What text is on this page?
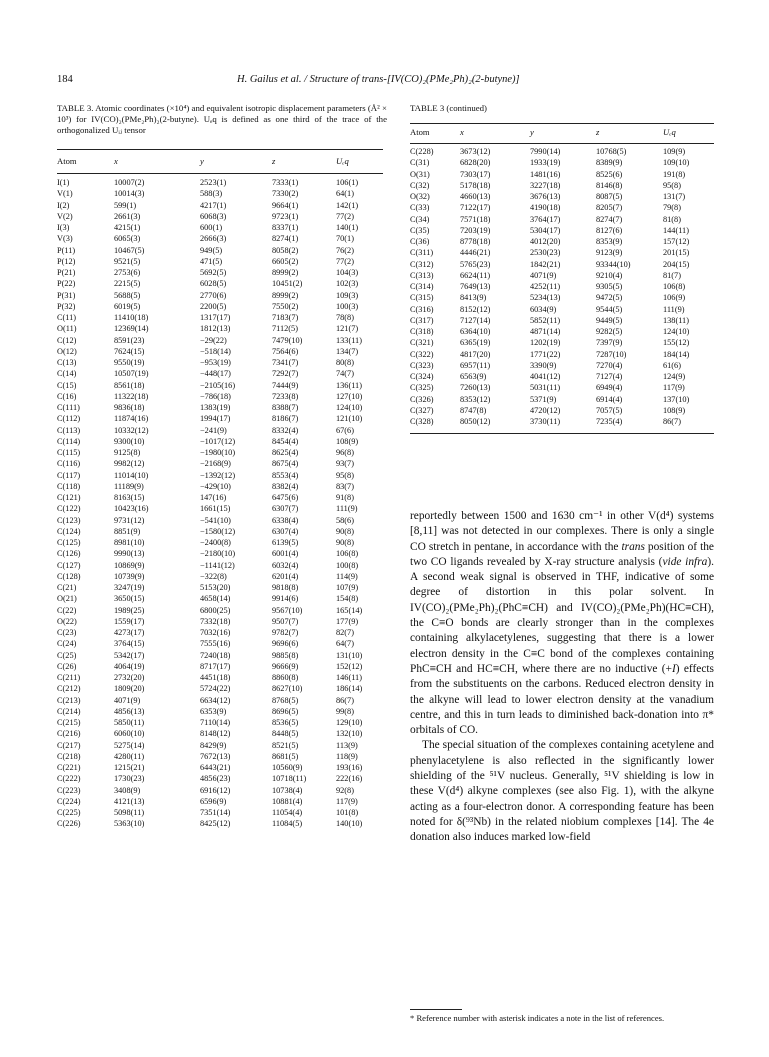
184	H. Gailus et al. / Structure of trans-[IV(CO)₂(PMe₂Ph)₂(2-butyne)]
TABLE 3. Atomic coordinates (×10⁴) and equivalent isotropic displacement parameters (Å² × 10³) for IV(CO)₂(PMe₂Ph)₂(2-butyne). Uₑq is defined as one third of the trace of the orthogonalized Uᵢⱼ tensor
Atom	x	y	z	Uₑq
I(1)	10007(2)	2523(1)	7333(1)	106(1)
V(1)	10014(3)	588(3)	7330(2)	64(1)
I(2)	599(1)	4217(1)	9664(1)	142(1)
V(2)	2661(3)	6068(3)	9723(1)	77(2)
I(3)	4215(1)	600(1)	8337(1)	140(1)
V(3)	6065(3)	2666(3)	8274(1)	70(1)
P(11)	10467(5)	949(5)	8058(2)	76(2)
P(12)	9521(5)	471(5)	6605(2)	77(2)
P(21)	2753(6)	5692(5)	8999(2)	104(3)
P(22)	2215(5)	6028(5)	10451(2)	102(3)
P(31)	5688(5)	2770(6)	8999(2)	109(3)
P(32)	6019(5)	2200(5)	7550(2)	100(3)
C(11)	11410(18)	1317(17)	7183(7)	78(8)
O(11)	12369(14)	1812(13)	7112(5)	121(7)
C(12)	8591(23)	−29(22)	7479(10)	133(11)
O(12)	7624(15)	−518(14)	7564(6)	134(7)
C(13)	9550(19)	−953(19)	7341(7)	80(8)
C(14)	10507(19)	−448(17)	7292(7)	74(7)
C(15)	8561(18)	−2105(16)	7444(9)	136(11)
C(16)	11322(18)	−786(18)	7233(8)	127(10)
C(111)	9836(18)	1383(19)	8388(7)	124(10)
C(112)	11874(16)	1994(17)	8186(7)	121(10)
C(113)	10332(12)	−241(9)	8332(4)	67(6)
C(114)	9300(10)	−1017(12)	8454(4)	108(9)
C(115)	9125(8)	−1980(10)	8625(4)	96(8)
C(116)	9982(12)	−2168(9)	8675(4)	93(7)
C(117)	11014(10)	−1392(12)	8553(4)	95(8)
C(118)	11189(9)	−429(10)	8382(4)	83(7)
C(121)	8163(15)	147(16)	6475(6)	91(8)
C(122)	10423(16)	1661(15)	6307(7)	111(9)
C(123)	9731(12)	−541(10)	6338(4)	58(6)
C(124)	8851(9)	−1580(12)	6307(4)	90(8)
C(125)	8981(10)	−2400(8)	6139(5)	90(8)
C(126)	9990(13)	−2180(10)	6001(4)	106(8)
C(127)	10869(9)	−1141(12)	6032(4)	100(8)
C(128)	10739(9)	−322(8)	6201(4)	114(9)
C(21)	3247(19)	5153(20)	9818(8)	107(9)
O(21)	3650(15)	4658(14)	9914(6)	154(8)
C(22)	1989(25)	6800(25)	9567(10)	165(14)
O(22)	1559(17)	7332(18)	9507(7)	177(9)
C(23)	4273(17)	7032(16)	9782(7)	82(7)
C(24)	3764(15)	7555(16)	9696(6)	64(7)
C(25)	5342(17)	7240(18)	9885(8)	131(10)
C(26)	4064(19)	8717(17)	9666(9)	152(12)
C(211)	2732(20)	4451(18)	8860(8)	146(11)
C(212)	1809(20)	5724(22)	8627(10)	186(14)
C(213)	4071(9)	6634(12)	8768(5)	86(7)
C(214)	4856(13)	6353(9)	8696(5)	99(8)
C(215)	5850(11)	7110(14)	8536(5)	129(10)
C(216)	6060(10)	8148(12)	8448(5)	132(10)
C(217)	5275(14)	8429(9)	8521(5)	113(9)
C(218)	4280(11)	7672(13)	8681(5)	118(9)
C(221)	1215(21)	6443(21)	10560(9)	193(16)
C(222)	1730(23)	4856(23)	10718(11)	222(16)
C(223)	3408(9)	6916(12)	10738(4)	92(8)
C(224)	4121(13)	6596(9)	10881(4)	117(9)
C(225)	5098(11)	7351(14)	11054(4)	101(8)
C(226)	5363(10)	8425(12)	11084(5)	140(10)
TABLE 3 (continued)
Atom	x	y	z	Uₑq
C(228)	3673(12)	7990(14)	10768(5)	109(9)
C(31)	6828(20)	1933(19)	8389(9)	109(10)
O(31)	7303(17)	1481(16)	8525(6)	191(8)
C(32)	5178(18)	3227(18)	8146(8)	95(8)
O(32)	4660(13)	3676(13)	8087(5)	131(7)
C(33)	7122(17)	4190(18)	8205(7)	79(8)
C(34)	7571(18)	3764(17)	8274(7)	81(8)
C(35)	7203(19)	5304(17)	8127(6)	144(11)
C(36)	8778(18)	4012(20)	8353(9)	157(12)
C(311)	4446(21)	2530(23)	9123(9)	201(15)
C(312)	5765(23)	1842(21)	93344(10)	204(15)
C(313)	6624(11)	4071(9)	9210(4)	81(7)
C(314)	7649(13)	4252(11)	9305(5)	106(8)
C(315)	8413(9)	5234(13)	9472(5)	106(9)
C(316)	8152(12)	6034(9)	9544(5)	111(9)
C(317)	7127(14)	5852(11)	9449(5)	138(11)
C(318)	6364(10)	4871(14)	9282(5)	124(10)
C(321)	6365(19)	1202(19)	7397(9)	155(12)
C(322)	4817(20)	1771(22)	7287(10)	184(14)
C(323)	6957(11)	3390(9)	7270(4)	61(6)
C(324)	6563(9)	4041(12)	7127(4)	124(9)
C(325)	7260(13)	5031(11)	6949(4)	117(9)
C(326)	8353(12)	5371(9)	6914(4)	137(10)
C(327)	8747(8)	4720(12)	7057(5)	108(9)
C(328)	8050(12)	3730(11)	7235(4)	86(7)

reportedly between 1500 and 1630 cm⁻¹ in other V(d⁴) systems [8,11] was not detected in our complexes. There is only a single CO stretch in pentane, in accordance with the trans position of the two CO ligands revealed by X-ray structure analysis (vide infra). A second weak signal is observed in THF, indicative of some degree of distortion in this polar solvent. In IV(CO)₂(PMe₂Ph)₂(PhC≡CH) and IV(CO)₂(PMe₂Ph)(HC≡CH), the C≡O bonds are clearly stronger than in the complexes containing alkylacetylenes, suggesting that there is a lower electron density in the C≡C bond of the complexes containing PhC≡CH and HC≡CH, where there are no inductive (+I) effects from the substituents on the carbons. Reduced electron density in the alkyne will lead to lower electron density at the vanadium centre, and this in turn leads to diminished back-donation into π* orbitals of CO.

The special situation of the complexes containing acetylene and phenylacetylene is also reflected in the significantly lower shielding of the ⁵¹V nucleus. Generally, ⁵¹V shielding is low in these V(d⁴) alkyne complexes (see also Fig. 1), with the alkyne acting as a four-electron donor. A corresponding feature has been noted for δ(⁹³Nb) in the related niobium complexes [14]. The 4e donation also induces marked low-field

* Reference number with asterisk indicates a note in the list of references.
